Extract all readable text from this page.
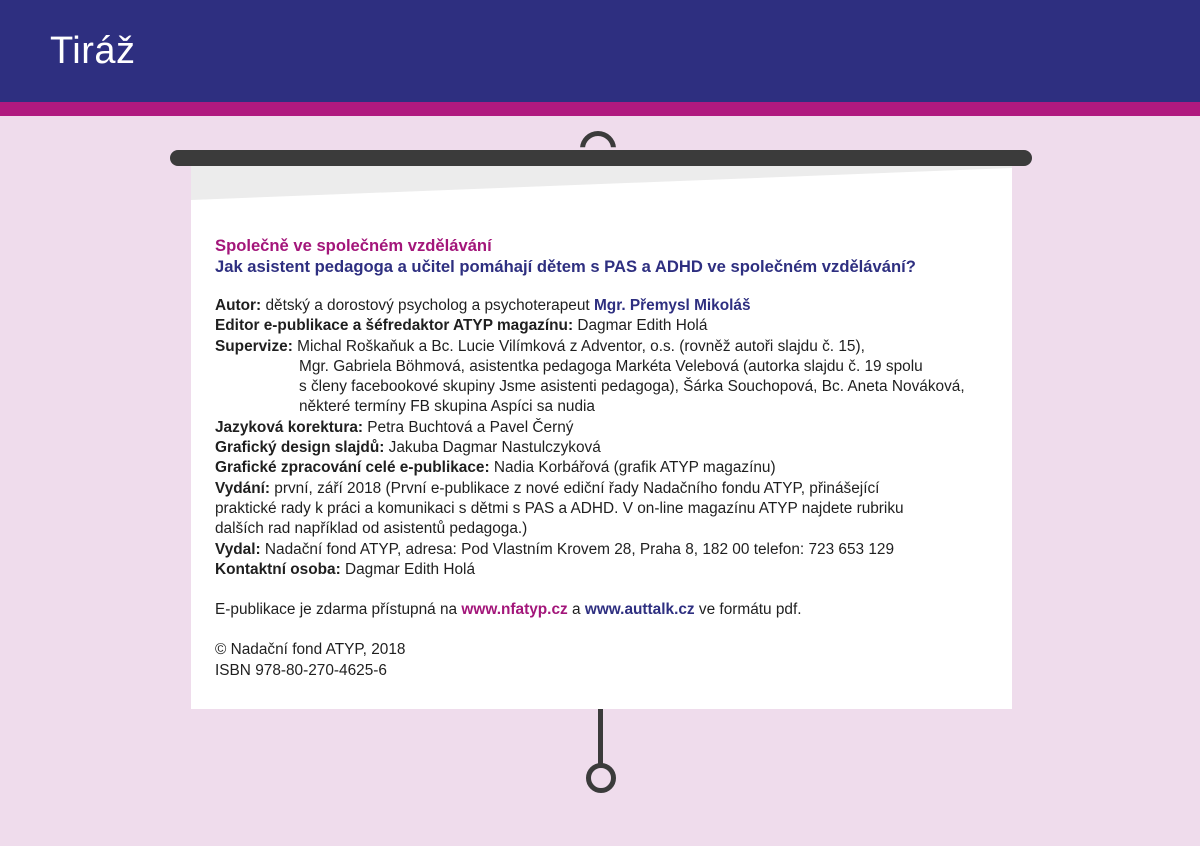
Tiráž
Společně ve společném vzdělávání
Jak asistent pedagoga a učitel pomáhají dětem s PAS a ADHD ve společném vzdělávání?
Autor: dětský a dorostový psycholog a psychoterapeut Mgr. Přemysl Mikoláš
Editor e-publikace a šéfredaktor ATYP magazínu: Dagmar Edith Holá
Supervize: Michal Roškaňuk a Bc. Lucie Vilímková z Adventor, o.s. (rovněž autoři slajdu č. 15),
Mgr. Gabriela Böhmová, asistentka pedagoga Markéta Velebová (autorka slajdu č. 19 spolu
s členy facebookové skupiny Jsme asistenti pedagoga), Šárka Souchopová, Bc. Aneta Nováková,
některé termíny FB skupina Aspíci sa nudia
Jazyková korektura: Petra Buchtová a Pavel Černý
Grafický design slajdů: Jakuba Dagmar Nastulczyková
Grafické zpracování celé e-publikace: Nadia Korbářová (grafik ATYP magazínu)
Vydání: první, září 2018 (První e-publikace z nové ediční řady Nadačního fondu ATYP, přinášející
praktické rady k práci a komunikaci s dětmi s PAS a ADHD. V on-line magazínu ATYP najdete rubriku
dalších rad například od asistentů pedagoga.)
Vydal: Nadační fond ATYP, adresa: Pod Vlastním Krovem 28, Praha 8, 182 00 telefon: 723 653 129
Kontaktní osoba: Dagmar Edith Holá
E-publikace je zdarma přístupná na www.nfatyp.cz a www.auttalk.cz ve formátu pdf.
© Nadační fond ATYP, 2018
ISBN 978-80-270-4625-6
